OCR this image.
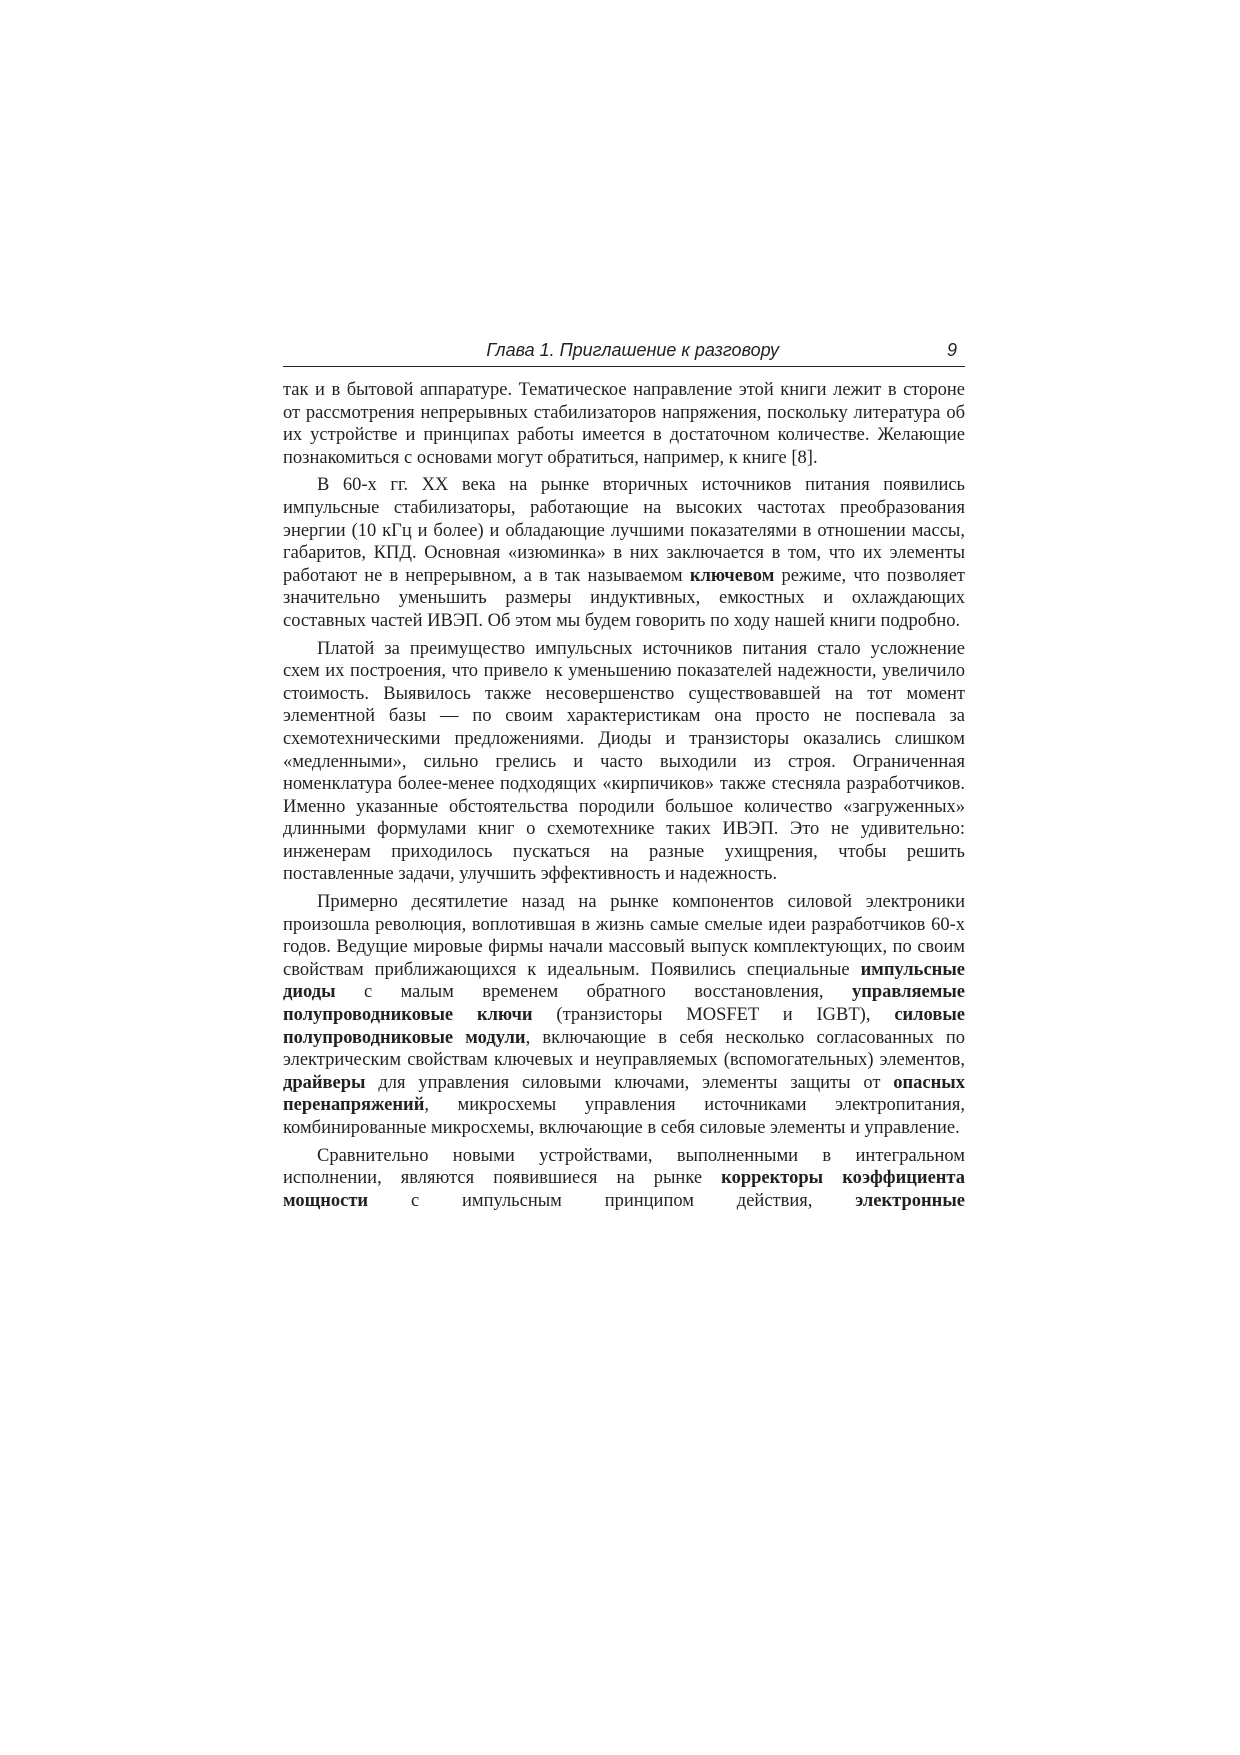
Глава 1. Приглашение к разговору	9

так и в бытовой аппаратуре. Тематическое направление этой книги лежит в стороне от рассмотрения непрерывных стабилизаторов напряжения, поскольку литература об их устройстве и принципах работы имеется в достаточном количестве. Желающие познакомиться с основами могут обратиться, например, к книге [8].

В 60-х гг. XX века на рынке вторичных источников питания появились импульсные стабилизаторы, работающие на высоких частотах преобразования энергии (10 кГц и более) и обладающие лучшими показателями в отношении массы, габаритов, КПД. Основная «изюминка» в них заключается в том, что их элементы работают не в непрерывном, а в так называемом ключевом режиме, что позволяет значительно уменьшить размеры индуктивных, емкостных и охлаждающих составных частей ИВЭП. Об этом мы будем говорить по ходу нашей книги подробно.

Платой за преимущество импульсных источников питания стало усложнение схем их построения, что привело к уменьшению показателей надежности, увеличило стоимость. Выявилось также несовершенство существовавшей на тот момент элементной базы — по своим характеристикам она просто не поспевала за схемотехническими предложениями. Диоды и транзисторы оказались слишком «медленными», сильно грелись и часто выходили из строя. Ограниченная номенклатура более-менее подходящих «кирпичиков» также стесняла разработчиков. Именно указанные обстоятельства породили большое количество «загруженных» длинными формулами книг о схемотехнике таких ИВЭП. Это не удивительно: инженерам приходилось пускаться на разные ухищрения, чтобы решить поставленные задачи, улучшить эффективность и надежность.

Примерно десятилетие назад на рынке компонентов силовой электроники произошла революция, воплотившая в жизнь самые смелые идеи разработчиков 60-х годов. Ведущие мировые фирмы начали массовый выпуск комплектующих, по своим свойствам приближающихся к идеальным. Появились специальные импульсные диоды с малым временем обратного восстановления, управляемые полупроводниковые ключи (транзисторы MOSFET и IGBT), силовые полупроводниковые модули, включающие в себя несколько согласованных по электрическим свойствам ключевых и неуправляемых (вспомогательных) элементов, драйверы для управления силовыми ключами, элементы защиты от опасных перенапряжений, микросхемы управления источниками электропитания, комбинированные микросхемы, включающие в себя силовые элементы и управление.

Сравнительно новыми устройствами, выполненными в интегральном исполнении, являются появившиеся на рынке корректоры коэффициента мощности с импульсным принципом действия, электронные
